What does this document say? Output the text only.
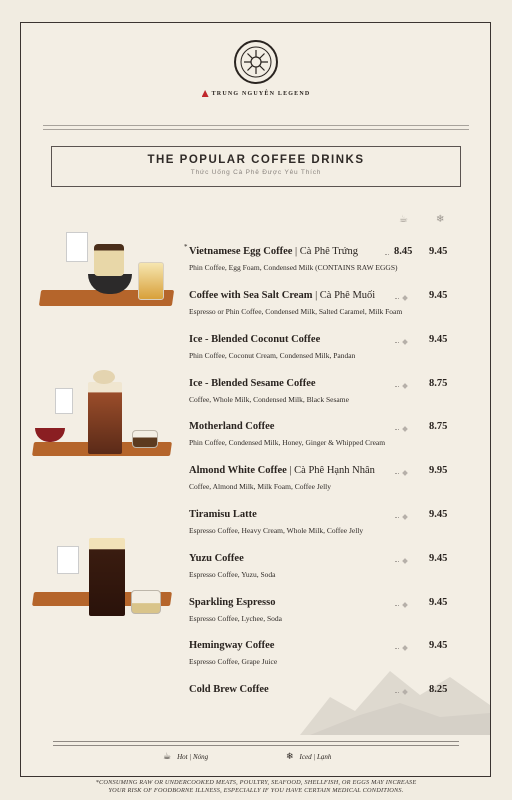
TRUNG NGUYÊN LEGEND
THE POPULAR COFFEE DRINKS
Thức Uống Cà Phê Được Yêu Thích
☕	❄
Vietnamese Egg Coffee | Cà Phê Trứng
*
Phin Coffee, Egg Foam, Condensed Milk (CONTAINS RAW EGGS)
8.45 9.45
Coffee with Sea Salt Cream | Cà Phê Muối
Espresso or Phin Coffee, Condensed Milk, Salted Caramel, Milk Foam
9.45
Ice - Blended Coconut Coffee
Phin Coffee, Coconut Cream, Condensed Milk, Pandan
9.45
Ice - Blended Sesame Coffee
Coffee, Whole Milk, Condensed Milk, Black Sesame
8.75
Motherland Coffee
Phin Coffee, Condensed Milk, Honey, Ginger & Whipped Cream
8.75
Almond White Coffee | Cà Phê Hạnh Nhân
Coffee, Almond Milk, Milk Foam, Coffee Jelly
9.95
Tiramisu Latte
Espresso Coffee, Heavy Cream, Whole Milk, Coffee Jelly
9.45
Yuzu Coffee
Espresso Coffee, Yuzu, Soda
9.45
Sparkling Espresso
Espresso Coffee, Lychee, Soda
9.45
Hemingway Coffee
Espresso Coffee, Grape Juice
9.45
Cold Brew Coffee	8.25
☕ Hot | Nóng	❄ Iced | Lạnh
*CONSUMING RAW OR UNDERCOOKED MEATS, POULTRY, SEAFOOD, SHELLFISH, OR EGGS MAY INCREASE
YOUR RISK OF FOODBORNE ILLNESS, ESPECIALLY IF YOU HAVE CERTAIN MEDICAL CONDITIONS.
